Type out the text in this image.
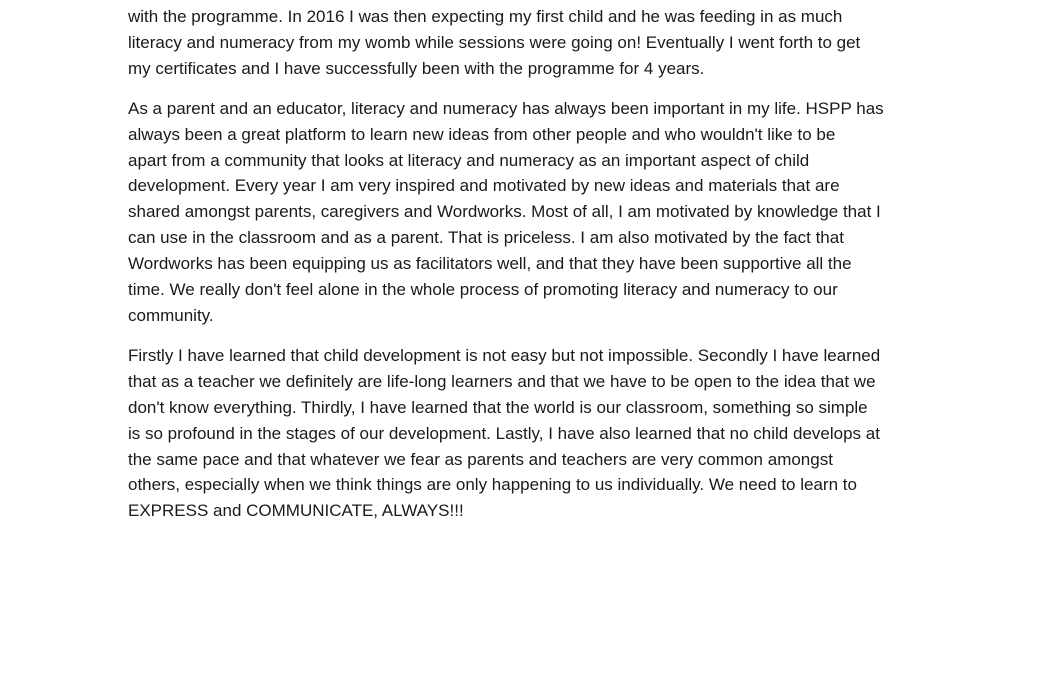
with the programme. In 2016 I was then expecting my first child and he was feeding in as much
literacy and numeracy from my womb while sessions were going on! Eventually I went forth to get
my certificates and I have successfully been with the programme for 4 years.

As a parent and an educator, literacy and numeracy has always been important in my life. HSPP has
always been a great platform to learn new ideas from other people and who wouldn't like to be
apart from a community that looks at literacy and numeracy as an important aspect of child
development. Every year I am very inspired and motivated by new ideas and materials that are
shared amongst parents, caregivers and Wordworks. Most of all, I am motivated by knowledge that I
can use in the classroom and as a parent. That is priceless. I am also motivated by the fact that
Wordworks has been equipping us as facilitators well, and that they have been supportive all the
time. We really don't feel alone in the whole process of promoting literacy and numeracy to our
community.

Firstly I have learned that child development is not easy but not impossible. Secondly I have learned
that as a teacher we definitely are life-long learners and that we have to be open to the idea that we
don't know everything. Thirdly, I have learned that the world is our classroom, something so simple
is so profound in the stages of our development. Lastly, I have also learned that no child develops at
the same pace and that whatever we fear as parents and teachers are very common amongst
others, especially when we think things are only happening to us individually. We need to learn to
EXPRESS and COMMUNICATE, ALWAYS!!!
